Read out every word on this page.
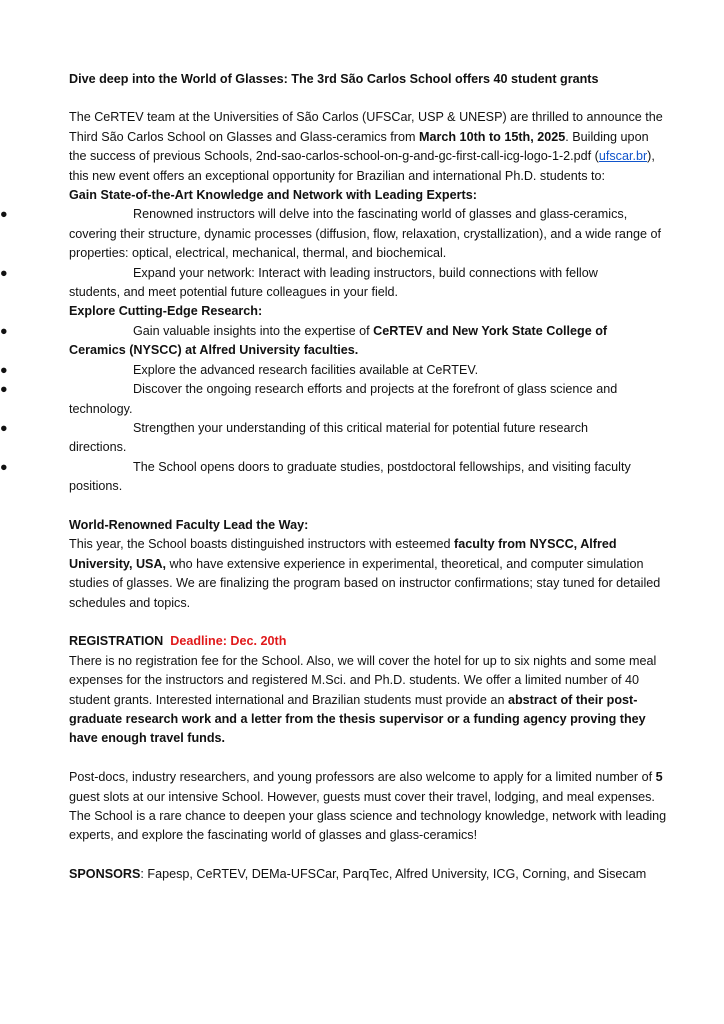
Dive deep into the World of Glasses: The 3rd São Carlos School offers 40 student grants

The CeRTEV team at the Universities of São Carlos (UFSCar, USP & UNESP) are thrilled to announce the Third São Carlos School on Glasses and Glass-ceramics from March 10th to 15th, 2025. Building upon the success of previous Schools, 2nd-sao-carlos-school-on-g-and-gc-first-call-icg-logo-1-2.pdf (ufscar.br), this new event offers an exceptional opportunity for Brazilian and international Ph.D. students to:

Gain State-of-the-Art Knowledge and Network with Leading Experts:

●	Renowned instructors will delve into the fascinating world of glasses and glass-ceramics,
covering their structure, dynamic processes (diffusion, flow, relaxation, crystallization), and a wide range of properties: optical, electrical, mechanical, thermal, and biochemical.

●	Expand your network: Interact with leading instructors, build connections with fellow
students, and meet potential future colleagues in your field.

Explore Cutting-Edge Research:

●	Gain valuable insights into the expertise of CeRTEV and New York State College of
Ceramics (NYSCC) at Alfred University faculties.

●	Explore the advanced research facilities available at CeRTEV.

●	Discover the ongoing research efforts and projects at the forefront of glass science and
technology.

●	Strengthen your understanding of this critical material for potential future research
directions.

●	The School opens doors to graduate studies, postdoctoral fellowships, and visiting faculty
positions.

World-Renowned Faculty Lead the Way:

This year, the School boasts distinguished instructors with esteemed faculty from NYSCC, Alfred University, USA, who have extensive experience in experimental, theoretical, and computer simulation studies of glasses. We are finalizing the program based on instructor confirmations; stay tuned for detailed schedules and topics.

REGISTRATION Deadline: Dec. 20th

There is no registration fee for the School. Also, we will cover the hotel for up to six nights and some meal expenses for the instructors and registered M.Sci. and Ph.D. students. We offer a limited number of 40 student grants. Interested international and Brazilian students must provide an abstract of their post-graduate research work and a letter from the thesis supervisor or a funding agency proving they have enough travel funds.

Post-docs, industry researchers, and young professors are also welcome to apply for a limited number of 5 guest slots at our intensive School. However, guests must cover their travel, lodging, and meal expenses.

The School is a rare chance to deepen your glass science and technology knowledge, network with leading experts, and explore the fascinating world of glasses and glass-ceramics!

SPONSORS: Fapesp, CeRTEV, DEMa-UFSCar, ParqTec, Alfred University, ICG, Corning, and Sisecam
